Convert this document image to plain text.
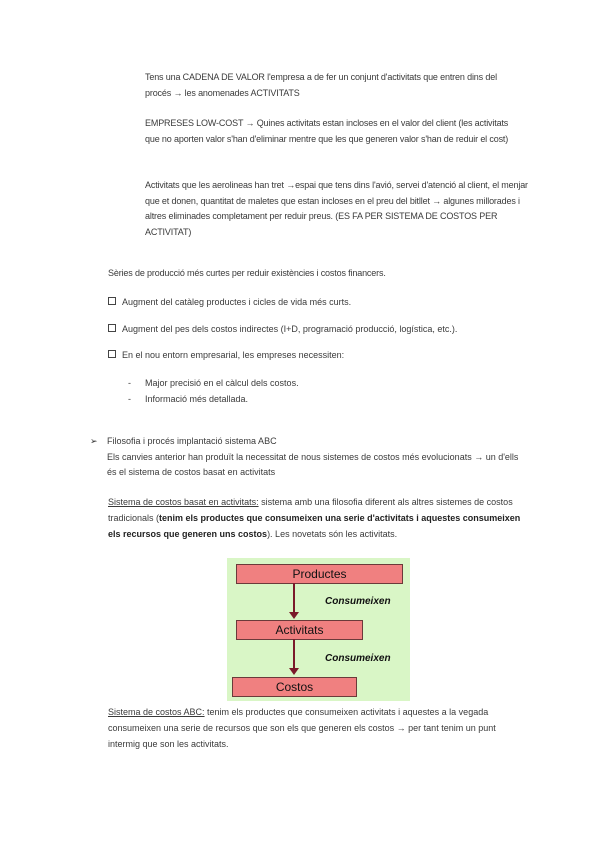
Tens una CADENA DE VALOR l'empresa a de fer un conjunt d'activitats que entren dins del procés → les anomenades ACTIVITATS
EMPRESES LOW-COST → Quines activitats estan incloses en el valor del client (les activitats que no aporten valor s'han d'eliminar mentre que les que generen valor s'han de reduir el cost)
Activitats que les aerolineas han tret →espai que tens dins l'avió, servei d'atenció al client, el menjar que et donen, quantitat de maletes que estan incloses en el preu del bitllet → algunes millorades i altres eliminades completament per reduir preus. (ES FA PER SISTEMA DE COSTOS PER ACTIVITAT)
Sèries de producció més curtes per reduir existències i costos financers.
Augment del catàleg productes i cicles de vida més curts.
Augment del pes dels costos indirectes (I+D, programació producció, logística, etc.).
En el nou entorn empresarial, les empreses necessiten:
- Major precisió en el càlcul dels costos.
- Informació més detallada.
➢ Filosofia i procés implantació sistema ABC
Els canvies anterior han produït la necessitat de nous sistemes de costos més evolucionats → un d'ells és el sistema de costos basat en activitats
Sistema de costos basat en activitats: sistema amb una filosofia diferent als altres sistemes de costos tradicionals (tenim els productes que consumeixen una serie d'activitats i aquestes consumeixen els recursos que generen uns costos). Les novetats són les activitats.
Productes
Consumeixen
Activitats
Consumeixen
Costos
Sistema de costos ABC: tenim els productes que consumeixen activitats i aquestes a la vegada consumeixen una serie de recursos que son els que generen els costos → per tant tenim un punt intermig que son les activitats.
